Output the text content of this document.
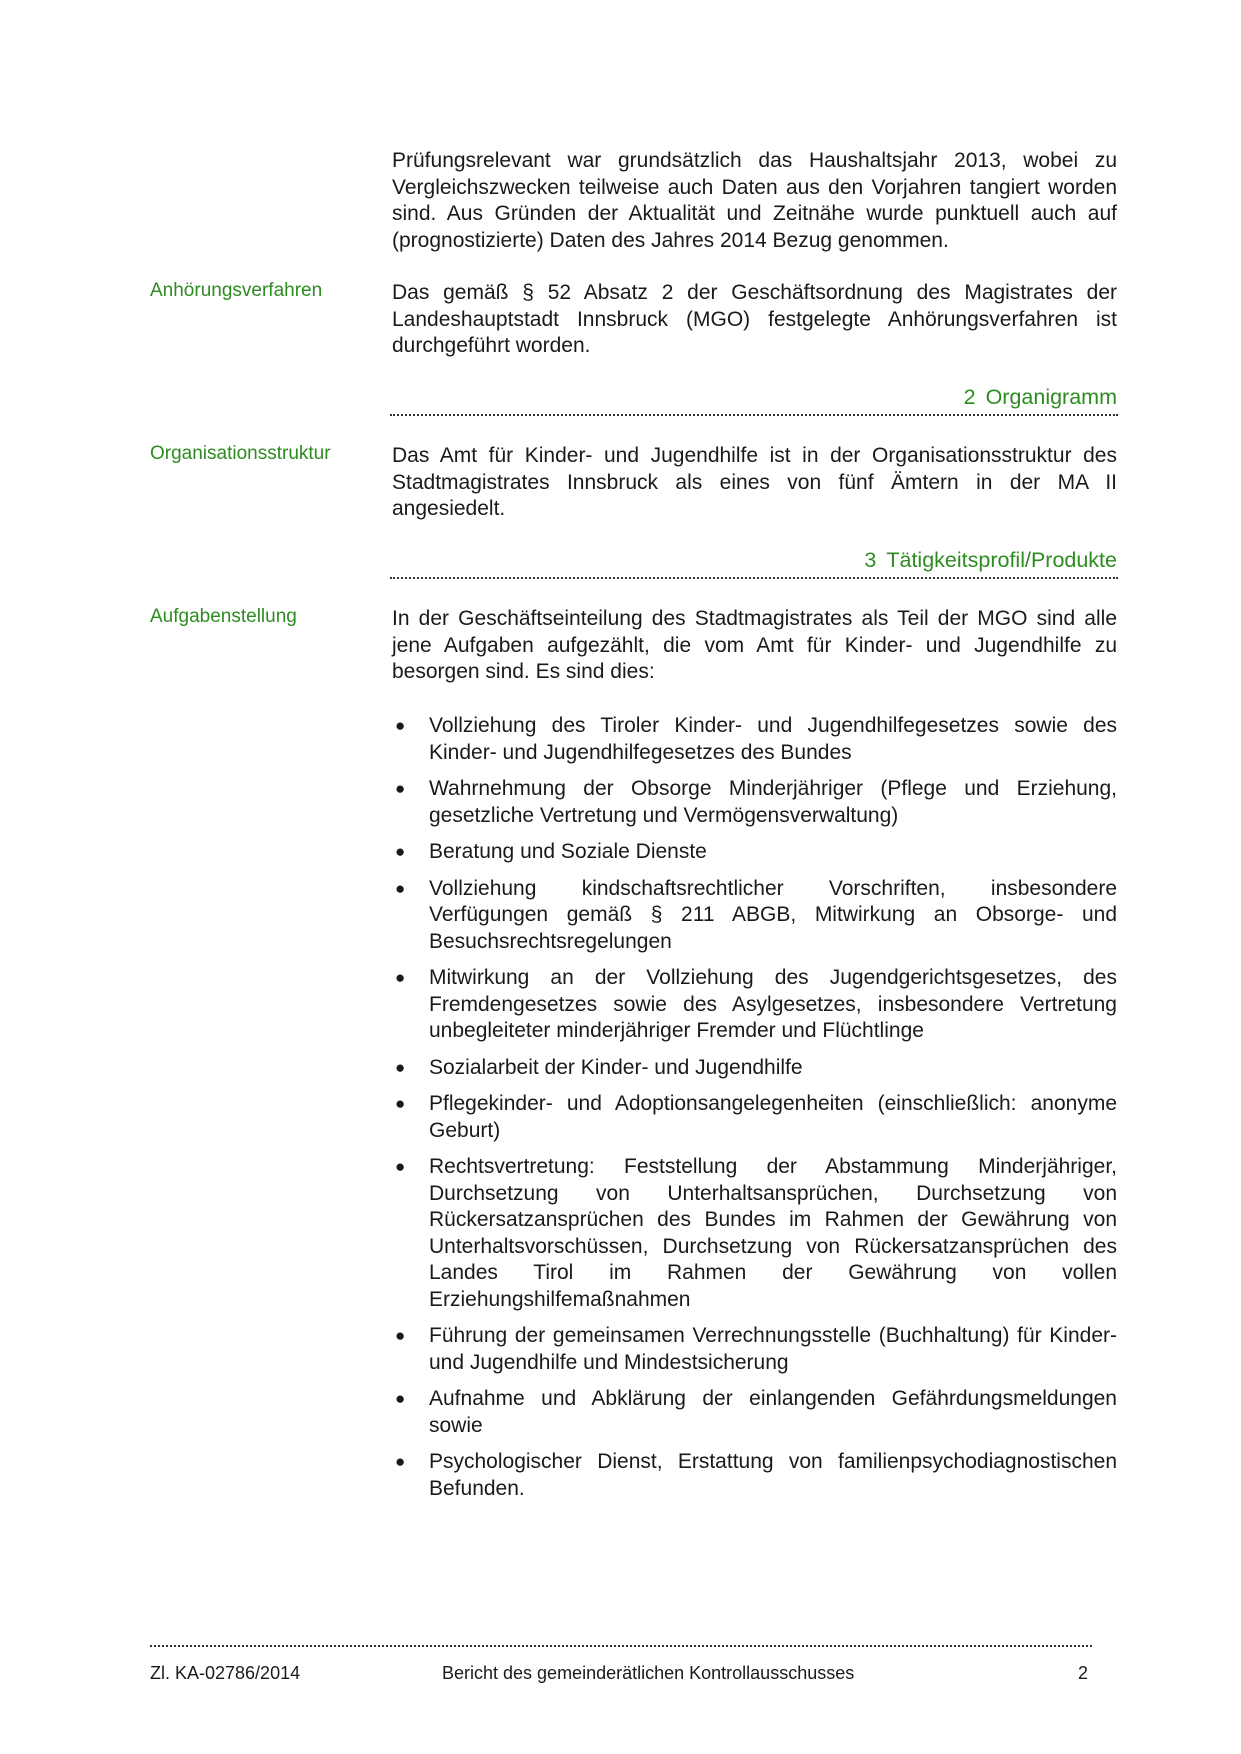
Prüfungsrelevant war grundsätzlich das Haushaltsjahr 2013, wobei zu Vergleichszwecken teilweise auch Daten aus den Vorjahren tangiert worden sind. Aus Gründen der Aktualität und Zeitnähe wurde punktuell auch auf (prognostizierte) Daten des Jahres 2014 Bezug genommen.

Anhörungsverfahren	Das gemäß § 52 Absatz 2 der Geschäftsordnung des Magistrates der Landeshauptstadt Innsbruck (MGO) festgelegte Anhörungsverfahren ist durchgeführt worden.

2 Organigramm

Organisationsstruktur	Das Amt für Kinder- und Jugendhilfe ist in der Organisationsstruktur des Stadtmagistrates Innsbruck als eines von fünf Ämtern in der MA II angesiedelt.

3 Tätigkeitsprofil/Produkte

Aufgabenstellung	In der Geschäftseinteilung des Stadtmagistrates als Teil der MGO sind alle jene Aufgaben aufgezählt, die vom Amt für Kinder- und Jugendhilfe zu besorgen sind. Es sind dies:

● Vollziehung des Tiroler Kinder- und Jugendhilfegesetzes sowie des Kinder- und Jugendhilfegesetzes des Bundes
● Wahrnehmung der Obsorge Minderjähriger (Pflege und Erziehung, gesetzliche Vertretung und Vermögensverwaltung)
● Beratung und Soziale Dienste
● Vollziehung kindschaftsrechtlicher Vorschriften, insbesondere Verfügungen gemäß § 211 ABGB, Mitwirkung an Obsorge- und Besuchsrechtsregelungen
● Mitwirkung an der Vollziehung des Jugendgerichtsgesetzes, des Fremdengesetzes sowie des Asylgesetzes, insbesondere Vertretung unbegleiteter minderjähriger Fremder und Flüchtlinge
● Sozialarbeit der Kinder- und Jugendhilfe
● Pflegekinder- und Adoptionsangelegenheiten (einschließlich: anonyme Geburt)
● Rechtsvertretung: Feststellung der Abstammung Minderjähriger, Durchsetzung von Unterhaltsansprüchen, Durchsetzung von Rückersatzansprüchen des Bundes im Rahmen der Gewährung von Unterhaltsvorschüssen, Durchsetzung von Rückersatzansprüchen des Landes Tirol im Rahmen der Gewährung von vollen Erziehungshilfemaßnahmen
● Führung der gemeinsamen Verrechnungsstelle (Buchhaltung) für Kinder- und Jugendhilfe und Mindestsicherung
● Aufnahme und Abklärung der einlangenden Gefährdungsmeldungen sowie
● Psychologischer Dienst, Erstattung von familienpsychodiagnostischen Befunden.

Zl. KA-02786/2014	Bericht des gemeinderätlichen Kontrollausschusses	2
